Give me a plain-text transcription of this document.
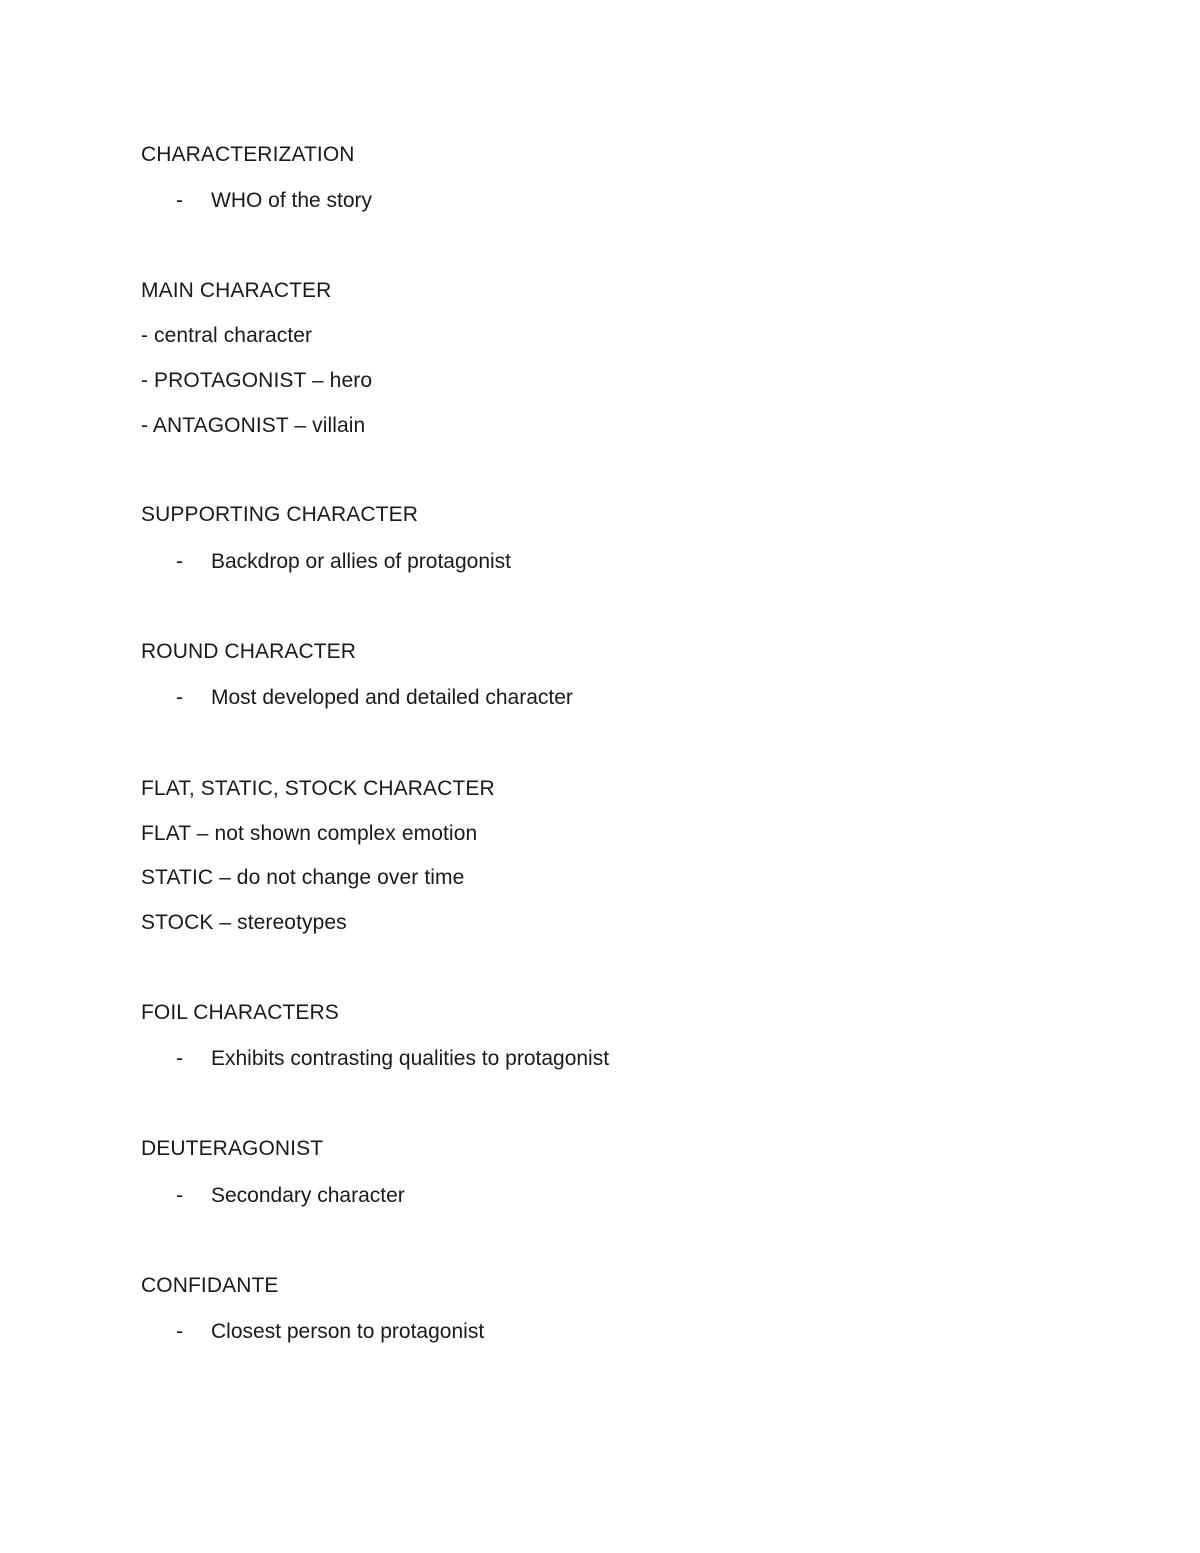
CHARACTERIZATION
- WHO of the story
MAIN CHARACTER
- central character
- PROTAGONIST – hero
- ANTAGONIST – villain
SUPPORTING CHARACTER
- Backdrop or allies of protagonist
ROUND CHARACTER
- Most developed and detailed character
FLAT, STATIC, STOCK CHARACTER
FLAT – not shown complex emotion
STATIC – do not change over time
STOCK – stereotypes
FOIL CHARACTERS
- Exhibits contrasting qualities to protagonist
DEUTERAGONIST
- Secondary character
CONFIDANTE
- Closest person to protagonist
